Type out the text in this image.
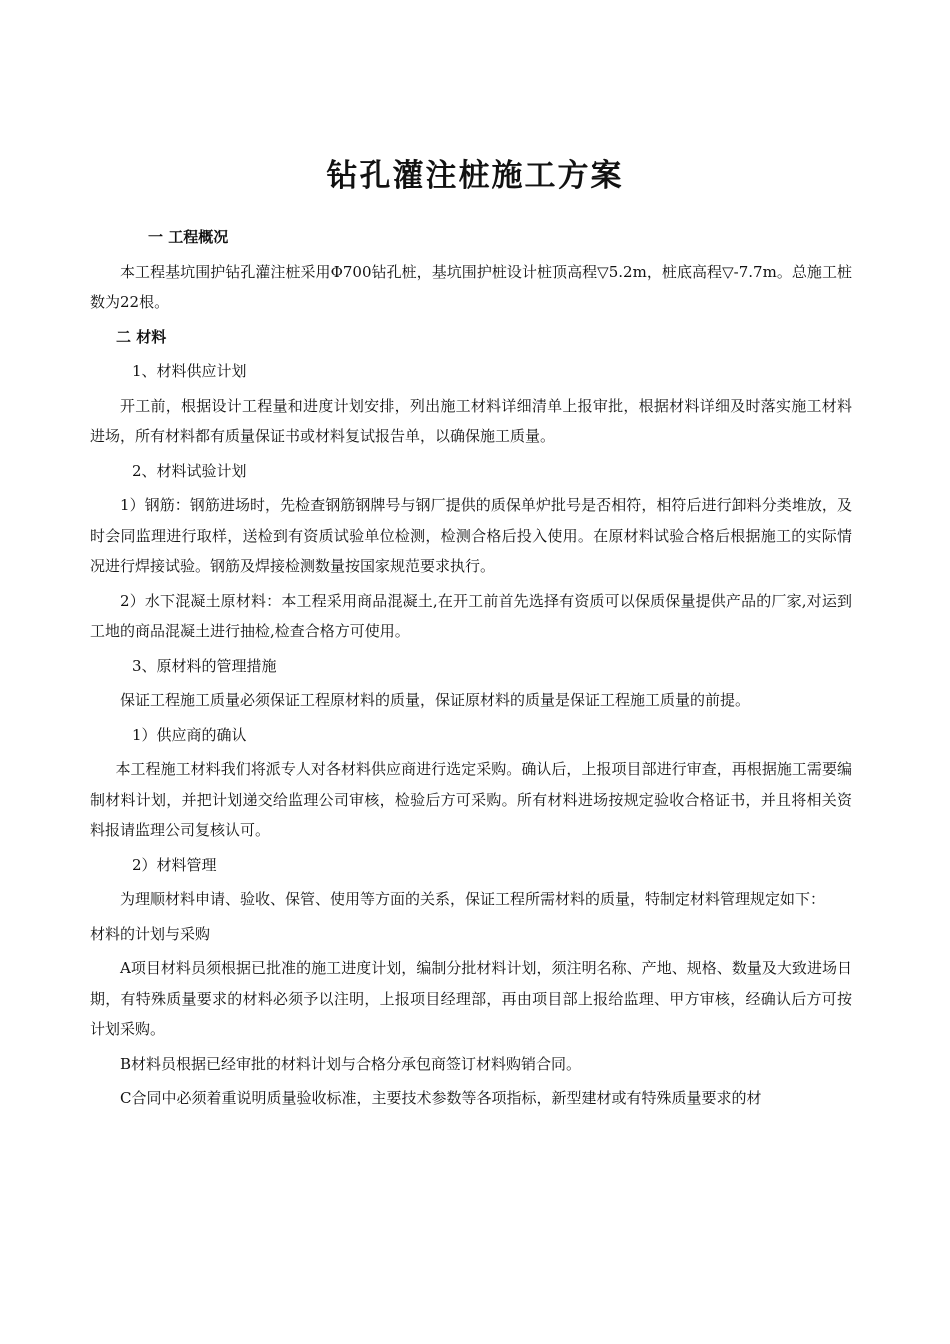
钻孔灌注桩施工方案

一 工程概况

本工程基坑围护钻孔灌注桩采用Φ700钻孔桩，基坑围护桩设计桩顶高程▽5.2m，桩底高程▽-7.7m。总施工桩数为22根。

二 材料

1、材料供应计划

开工前，根据设计工程量和进度计划安排，列出施工材料详细清单上报审批，根据材料详细及时落实施工材料进场，所有材料都有质量保证书或材料复试报告单，以确保施工质量。

2、材料试验计划

1）钢筋：钢筋进场时，先检查钢筋钢牌号与钢厂提供的质保单炉批号是否相符，相符后进行卸料分类堆放，及时会同监理进行取样，送检到有资质试验单位检测，检测合格后投入使用。在原材料试验合格后根据施工的实际情况进行焊接试验。钢筋及焊接检测数量按国家规范要求执行。

2）水下混凝土原材料：本工程采用商品混凝土,在开工前首先选择有资质可以保质保量提供产品的厂家,对运到工地的商品混凝土进行抽检,检查合格方可使用。

3、原材料的管理措施

保证工程施工质量必须保证工程原材料的质量，保证原材料的质量是保证工程施工质量的前提。

1）供应商的确认

本工程施工材料我们将派专人对各材料供应商进行选定采购。确认后，上报项目部进行审查，再根据施工需要编制材料计划，并把计划递交给监理公司审核，检验后方可采购。所有材料进场按规定验收合格证书，并且将相关资料报请监理公司复核认可。

2）材料管理

为理顺材料申请、验收、保管、使用等方面的关系，保证工程所需材料的质量，特制定材料管理规定如下：

材料的计划与采购

A项目材料员须根据已批准的施工进度计划，编制分批材料计划，须注明名称、产地、规格、数量及大致进场日期，有特殊质量要求的材料必须予以注明，上报项目经理部，再由项目部上报给监理、甲方审核，经确认后方可按计划采购。

B材料员根据已经审批的材料计划与合格分承包商签订材料购销合同。

C合同中必须着重说明质量验收标准，主要技术参数等各项指标，新型建材或有特殊质量要求的材
